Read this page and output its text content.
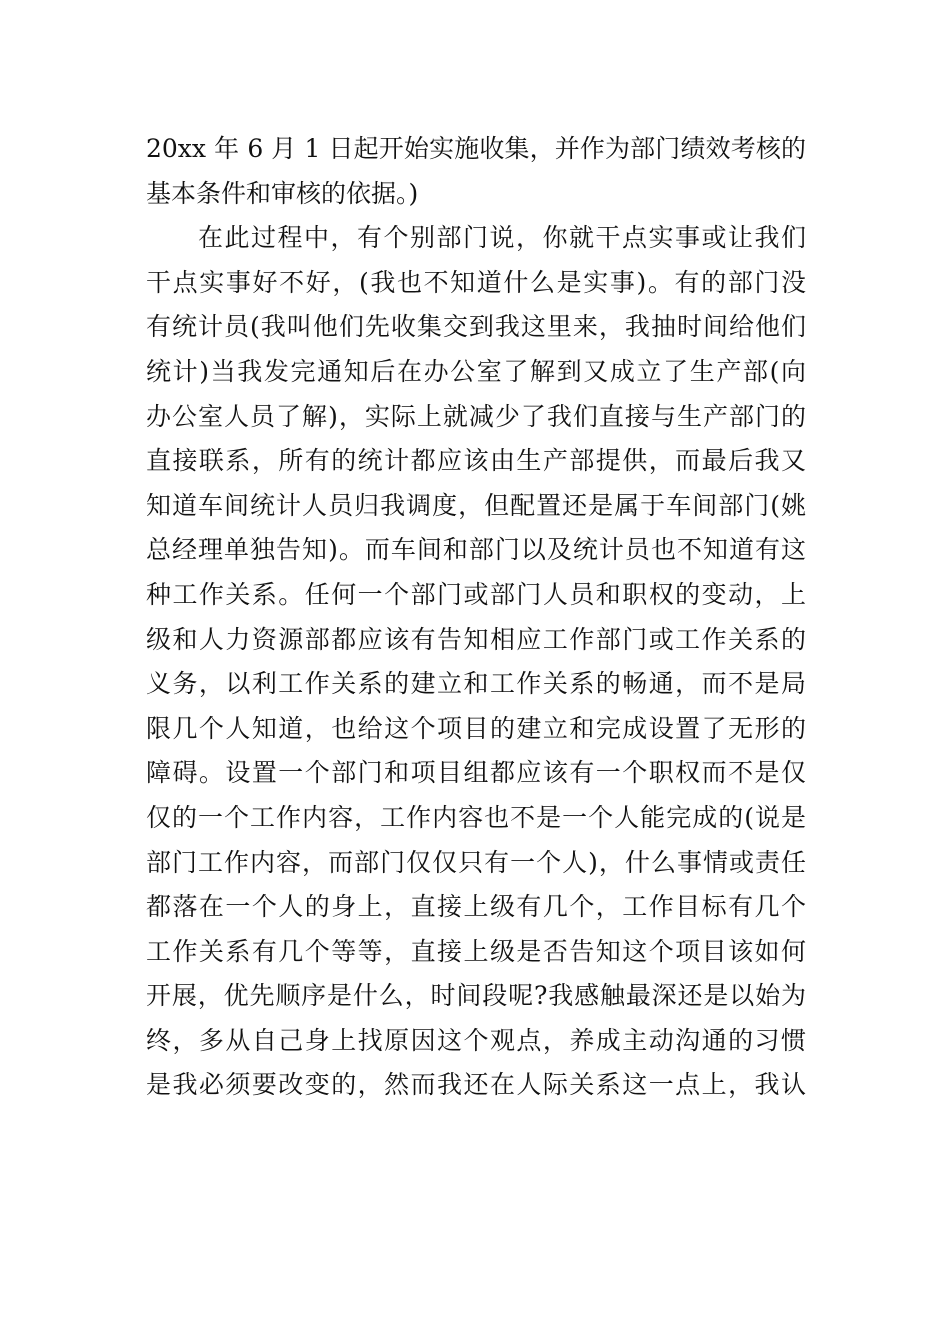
20xx 年 6 月 1 日起开始实施收集，并作为部门绩效考核的
基本条件和审核的依据。)
在此过程中，有个别部门说，你就干点实事或让我们
干点实事好不好，(我也不知道什么是实事)。有的部门没
有统计员(我叫他们先收集交到我这里来，我抽时间给他们
统计)当我发完通知后在办公室了解到又成立了生产部(向
办公室人员了解)，实际上就减少了我们直接与生产部门的
直接联系，所有的统计都应该由生产部提供，而最后我又
知道车间统计人员归我调度，但配置还是属于车间部门(姚
总经理单独告知)。而车间和部门以及统计员也不知道有这
种工作关系。任何一个部门或部门人员和职权的变动，上
级和人力资源部都应该有告知相应工作部门或工作关系的
义务，以利工作关系的建立和工作关系的畅通，而不是局
限几个人知道，也给这个项目的建立和完成设置了无形的
障碍。设置一个部门和项目组都应该有一个职权而不是仅
仅的一个工作内容，工作内容也不是一个人能完成的(说是
部门工作内容，而部门仅仅只有一个人)，什么事情或责任
都落在一个人的身上，直接上级有几个，工作目标有几个
工作关系有几个等等，直接上级是否告知这个项目该如何
开展，优先顺序是什么，时间段呢?我感触最深还是以始为
终，多从自己身上找原因这个观点，养成主动沟通的习惯
是我必须要改变的，然而我还在人际关系这一点上，我认
